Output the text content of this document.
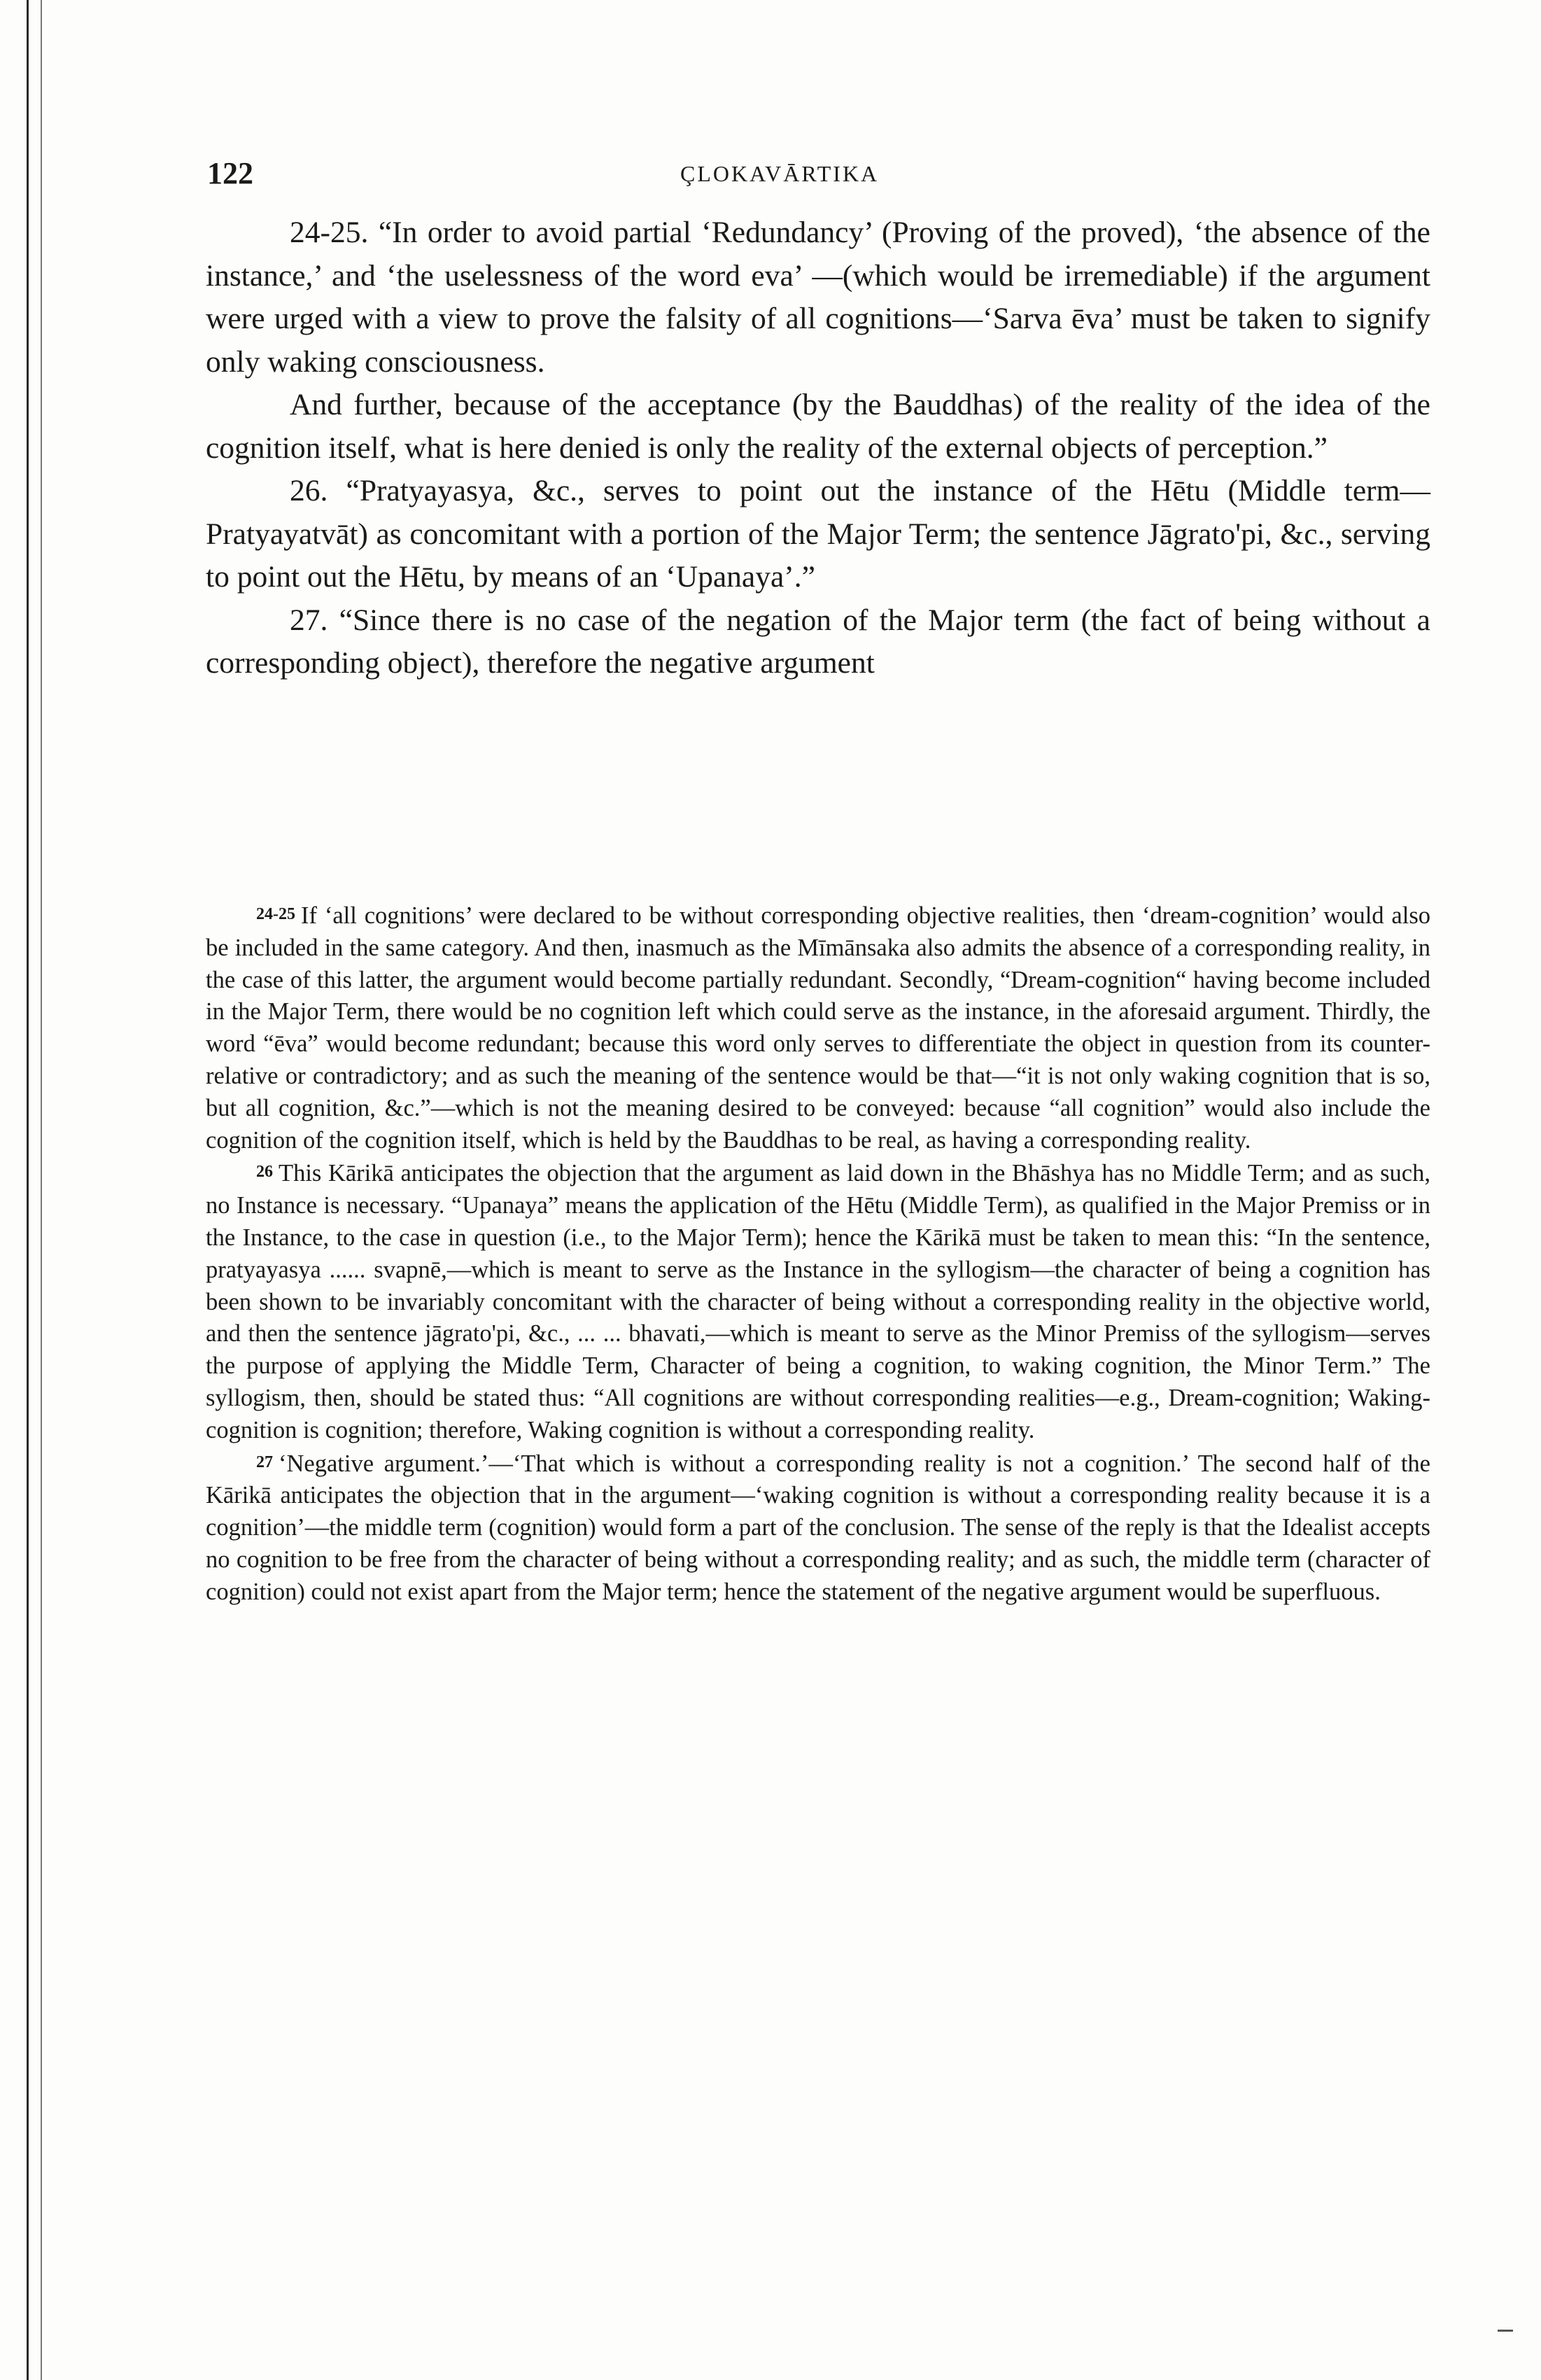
122	ÇLOKAVĀRTIKA

24-25. “In order to avoid partial ‘Redundancy’ (Proving of the proved), ‘the absence of the instance,’ and ‘the uselessness of the word eva’ —(which would be irremediable) if the argument were urged with a view to prove the falsity of all cognitions—‘Sarva ēva’ must be taken to signify only waking consciousness.

And further, because of the acceptance (by the Bauddhas) of the reality of the idea of the cognition itself, what is here denied is only the reality of the external objects of perception.”

26. “Pratyayasya, &c., serves to point out the instance of the Hētu (Middle term—Pratyayatvāt) as concomitant with a portion of the Major Term; the sentence Jāgrato'pi, &c., serving to point out the Hētu, by means of an ‘Upanaya’.”

27. “Since there is no case of the negation of the Major term (the fact of being without a corresponding object), therefore the negative argument

24-25 If ‘all cognitions’ were declared to be without corresponding objective realities, then ‘dream-cognition’ would also be included in the same category. And then, inasmuch as the Mīmānsaka also admits the absence of a corresponding reality, in the case of this latter, the argument would become partially redundant. Secondly, “Dream-cognition“ having become included in the Major Term, there would be no cognition left which could serve as the instance, in the aforesaid argument. Thirdly, the word “ēva” would become redundant; because this word only serves to differentiate the object in question from its counter-relative or contradictory; and as such the meaning of the sentence would be that—“it is not only waking cognition that is so, but all cognition, &c.”—which is not the meaning desired to be conveyed: because “all cognition” would also include the cognition of the cognition itself, which is held by the Bauddhas to be real, as having a corresponding reality.

26 This Kārikā anticipates the objection that the argument as laid down in the Bhāshya has no Middle Term; and as such, no Instance is necessary. “Upanaya” means the application of the Hētu (Middle Term), as qualified in the Major Premiss or in the Instance, to the case in question (i.e., to the Major Term); hence the Kārikā must be taken to mean this: “In the sentence, pratyayasya ...... svapnē,—which is meant to serve as the Instance in the syllogism—the character of being a cognition has been shown to be invariably concomitant with the character of being without a corresponding reality in the objective world, and then the sentence jāgrato'pi, &c., ... ... bhavati,—which is meant to serve as the Minor Premiss of the syllogism—serves the purpose of applying the Middle Term, Character of being a cognition, to waking cognition, the Minor Term.” The syllogism, then, should be stated thus: “All cognitions are without corresponding realities—e.g., Dream-cognition; Waking-cognition is cognition; therefore, Waking cognition is without a corresponding reality.

27 ‘Negative argument.’—‘That which is without a corresponding reality is not a cognition.’ The second half of the Kārikā anticipates the objection that in the argument—‘waking cognition is without a corresponding reality because it is a cognition’—the middle term (cognition) would form a part of the conclusion. The sense of the reply is that the Idealist accepts no cognition to be free from the character of being without a corresponding reality; and as such, the middle term (character of cognition) could not exist apart from the Major term; hence the statement of the negative argument would be superfluous.
